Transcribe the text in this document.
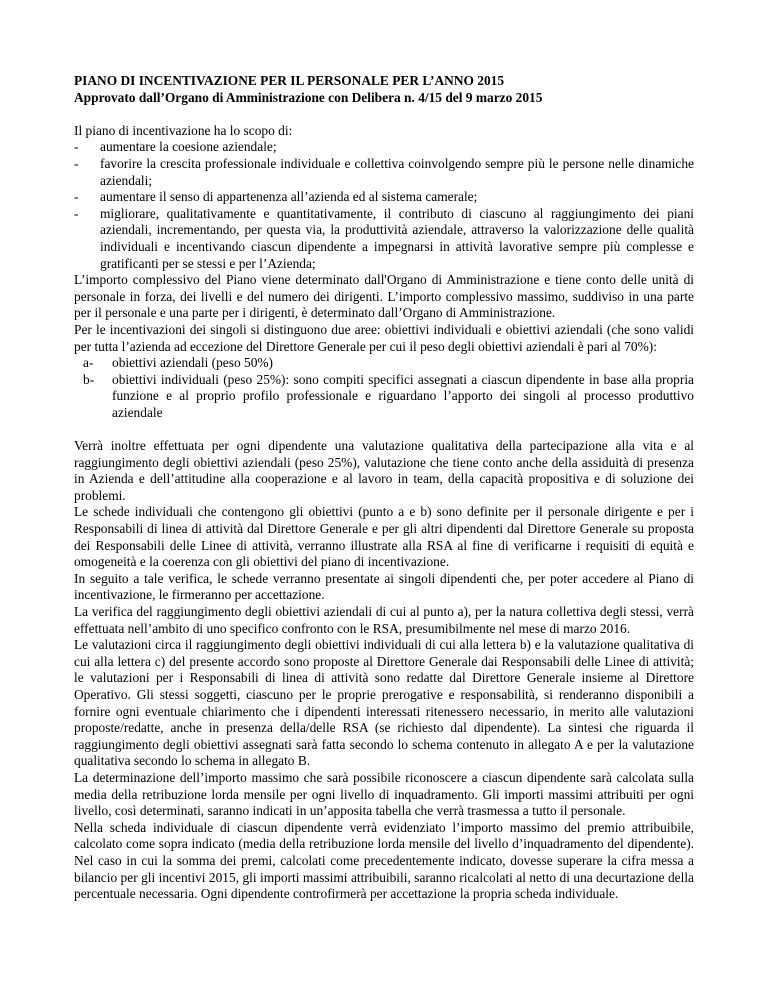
PIANO DI INCENTIVAZIONE PER IL PERSONALE PER L’ANNO 2015

Approvato dall’Organo di Amministrazione con Delibera n. 4/15 del 9 marzo 2015

Il piano di incentivazione ha lo scopo di:

- aumentare la coesione aziendale;
- favorire la crescita professionale individuale e collettiva coinvolgendo sempre più le persone nelle dinamiche aziendali;
- aumentare il senso di appartenenza all’azienda ed al sistema camerale;
- migliorare, qualitativamente e quantitativamente, il contributo di ciascuno al raggiungimento dei piani aziendali, incrementando, per questa via, la produttività aziendale, attraverso la valorizzazione delle qualità individuali e incentivando ciascun dipendente a impegnarsi in attività lavorative sempre più complesse e gratificanti per se stessi e per l’Azienda;

L’importo complessivo del Piano viene determinato dall'Organo di Amministrazione e tiene conto delle unità di personale in forza, dei livelli e del numero dei dirigenti. L’importo complessivo massimo, suddiviso in una parte per il personale e una parte per i dirigenti, è determinato dall’Organo di Amministrazione.

Per le incentivazioni dei singoli si distinguono due aree: obiettivi individuali e obiettivi aziendali (che sono validi per tutta l’azienda ad eccezione del Direttore Generale per cui il peso degli obiettivi aziendali è pari al 70%):

a- obiettivi aziendali (peso 50%)
b- obiettivi individuali (peso 25%): sono compiti specifici assegnati a ciascun dipendente in base alla propria funzione e al proprio profilo professionale e riguardano l’apporto dei singoli al processo produttivo aziendale

Verrà inoltre effettuata per ogni dipendente una valutazione qualitativa della partecipazione alla vita e al raggiungimento degli obiettivi aziendali (peso 25%), valutazione che tiene conto anche della assiduità di presenza in Azienda e dell’attitudine alla cooperazione e al lavoro in team, della capacità propositiva e di soluzione dei problemi.

Le schede individuali che contengono gli obiettivi (punto a e b) sono definite per il personale dirigente e per i Responsabili di linea di attività dal Direttore Generale e per gli altri dipendenti dal Direttore Generale su proposta dei Responsabili delle Linee di attività, verranno illustrate alla RSA al fine di verificarne i requisiti di equità e omogeneità e la coerenza con gli obiettivi del piano di incentivazione.

In seguito a tale verifica, le schede verranno presentate ai singoli dipendenti che, per poter accedere al Piano di incentivazione, le firmeranno per accettazione.

La verifica del raggiungimento degli obiettivi aziendali di cui al punto a), per la natura collettiva degli stessi, verrà effettuata nell’ambito di uno specifico confronto con le RSA, presumibilmente nel mese di marzo 2016.

Le valutazioni circa il raggiungimento degli obiettivi individuali di cui alla lettera b) e la valutazione qualitativa di cui alla lettera c) del presente accordo sono proposte al Direttore Generale dai Responsabili delle Linee di attività; le valutazioni per i Responsabili di linea di attività sono redatte dal Direttore Generale insieme al Direttore Operativo. Gli stessi soggetti, ciascuno per le proprie prerogative e responsabilità, si renderanno disponibili a fornire ogni eventuale chiarimento che i dipendenti interessati ritenessero necessario, in merito alle valutazioni proposte/redatte, anche in presenza della/delle RSA (se richiesto dal dipendente). La sintesi che riguarda il raggiungimento degli obiettivi assegnati sarà fatta secondo lo schema contenuto in allegato A e per la valutazione qualitativa secondo lo schema in allegato B.

La determinazione dell’importo massimo che sarà possibile riconoscere a ciascun dipendente sarà calcolata sulla media della retribuzione lorda mensile per ogni livello di inquadramento. Gli importi massimi attribuiti per ogni livello, così determinati, saranno indicati in un’apposita tabella che verrà trasmessa a tutto il personale.

Nella scheda individuale di ciascun dipendente verrà evidenziato l’importo massimo del premio attribuibile, calcolato come sopra indicato (media della retribuzione lorda mensile del livello d’inquadramento del dipendente). Nel caso in cui la somma dei premi, calcolati come precedentemente indicato, dovesse superare la cifra messa a bilancio per gli incentivi 2015, gli importi massimi attribuibili, saranno ricalcolati al netto di una decurtazione della percentuale necessaria. Ogni dipendente controfirmerà per accettazione la propria scheda individuale.
